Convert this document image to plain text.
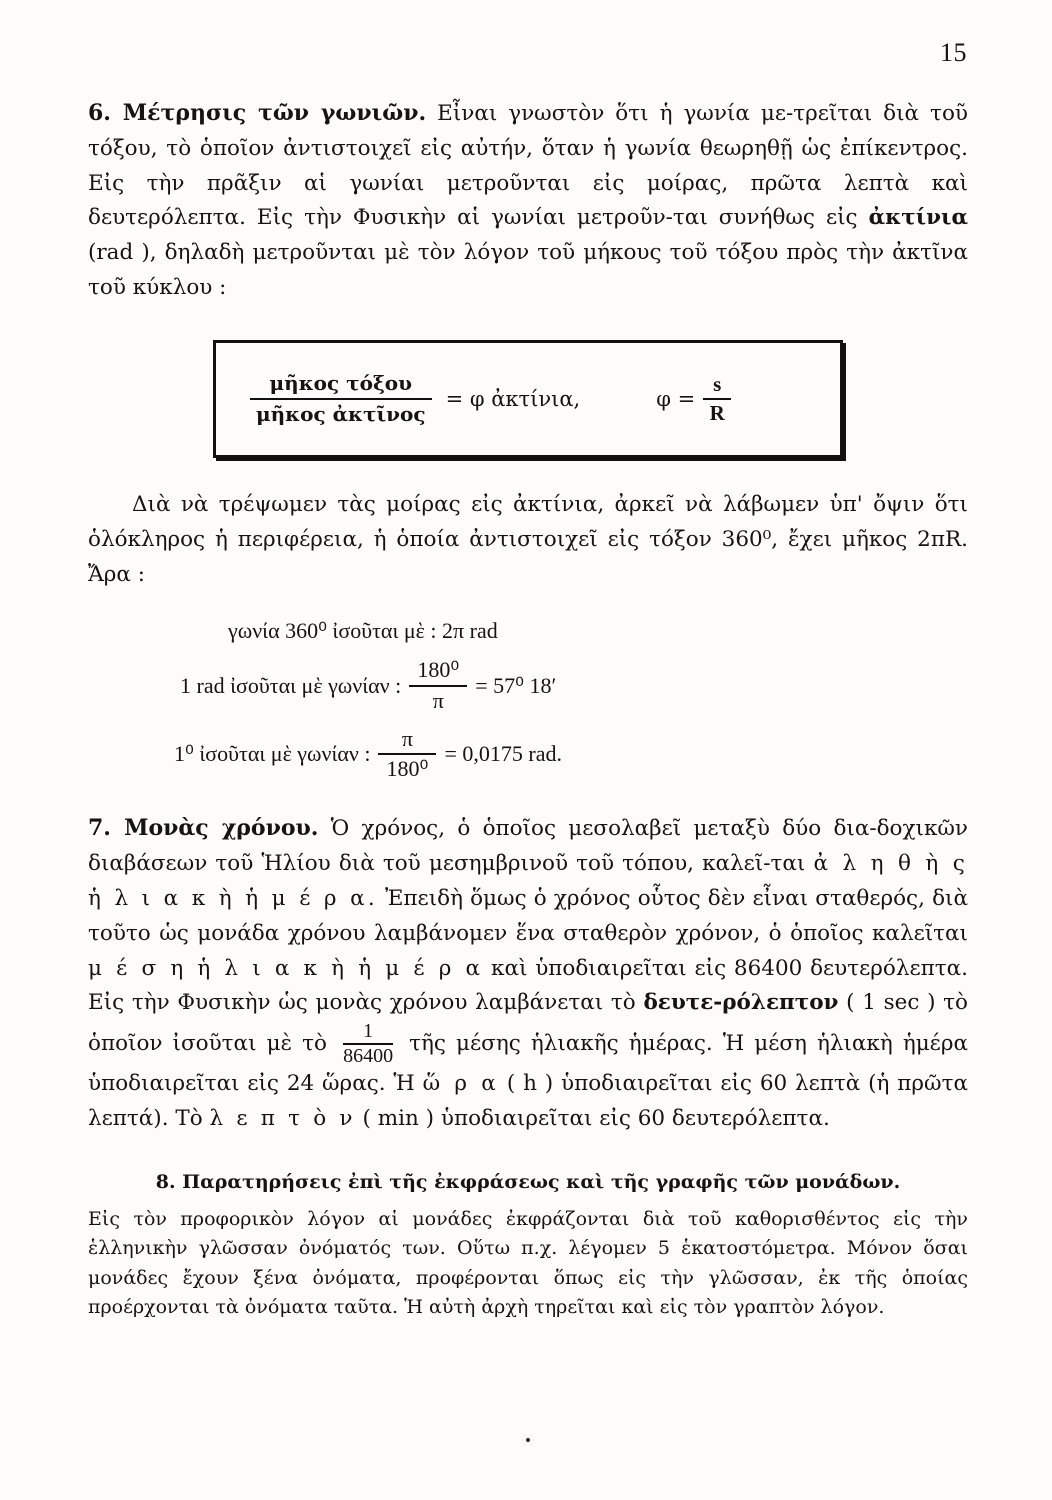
15

6. Μέτρησις τῶν γωνιῶν. Εἶναι γνωστὸν ὅτι ἡ γωνία με-τρεῖται διὰ τοῦ τόξου, τὸ ὁποῖον ἀντιστοιχεῖ εἰς αὐτήν, ὅταν ἡ γωνία θεωρηθῇ ὡς ἐπίκεντρος. Εἰς τὴν πρᾶξιν αἱ γωνίαι μετροῦνται εἰς μοίρας, πρῶτα λεπτὰ καὶ δευτερόλεπτα. Εἰς τὴν Φυσικὴν αἱ γωνίαι μετροῦν-ται συνήθως εἰς ἀκτίνια (rad ), δηλαδὴ μετροῦνται μὲ τὸν λόγον τοῦ μήκους τοῦ τόξου πρὸς τὴν ἀκτῖνα τοῦ κύκλου :

$\frac{\text{μῆκος τόξου}}{\text{μῆκος ἀκτῖνος}} = \varphi$ ἀκτίνια,	$\varphi = \frac{s}{R}$

Διὰ νὰ τρέψωμεν τὰς μοίρας εἰς ἀκτίνια, ἀρκεῖ νὰ λάβωμεν ὑπ' ὄψιν ὅτι ὁλόκληρος ἡ περιφέρεια, ἡ ὁποία ἀντιστοιχεῖ εἰς τόξον 360⁰, ἔχει μῆκος 2πR. Ἄρα :

γωνία 360⁰ ἰσοῦται μὲ : 2π rad
1 rad ἰσοῦται μὲ γωνίαν : $\frac{\text{180⁰}}{\pi} = 57^0$ 18′
1⁰ ἰσοῦται μὲ γωνίαν : $\frac{\pi}{\text{180⁰}} = 0,0175$ rad.

7. Μονὰς χρόνου. Ὁ χρόνος, ὁ ὁποῖος μεσολαβεῖ μεταξὺ δύο δια-δοχικῶν διαβάσεων τοῦ Ἡλίου διὰ τοῦ μεσημβρινοῦ τοῦ τόπου, καλεῖ-ται ἀ λ η θ ὴ ς ἡ λ ι α κ ὴ ἡ μ έ ρ α. Ἐπειδὴ ὅμως ὁ χρόνος οὗτος δὲν εἶναι σταθερός, διὰ τοῦτο ὡς μονάδα χρόνου λαμβάνομεν ἕνα σταθερὸν χρόνον, ὁ ὁποῖος καλεῖται μ έ σ η ἡ λ ι α κ ὴ ἡ μ έ ρ α καὶ ὑποδιαιρεῖται εἰς 86400 δευτερόλεπτα. Εἰς τὴν Φυσικὴν ὡς μονὰς χρόνου λαμβάνεται τὸ δευτε-ρόλεπτον ( 1 sec ) τὸ ὁποῖον ἰσοῦται μὲ τὸ $\frac{1}{86400}$ τῆς μέσης ἡλιακῆς ἡμέρας. Ἡ μέση ἡλιακὴ ἡμέρα ὑποδιαιρεῖται εἰς 24 ὥρας. Ἡ ὥ ρ α ( h ) ὑποδιαιρεῖται εἰς 60 λεπτὰ (ἡ πρῶτα λεπτά). Τὸ λ ε π τ ὸ ν ( min ) ὑποδιαιρεῖται εἰς 60 δευτερόλεπτα.

8. Παρατηρήσεις ἐπὶ τῆς ἐκφράσεως καὶ τῆς γραφῆς τῶν μονάδων.

Εἰς τὸν προφορικὸν λόγον αἱ μονάδες ἐκφράζονται διὰ τοῦ καθορισθέντος εἰς τὴν ἑλληνικὴν γλῶσσαν ὀνόματός των. Οὕτω π.χ. λέγομεν 5 ἑκατοστόμετρα. Μόνον ὅσαι μονάδες ἔχουν ξένα ὀνόματα, προφέρονται ὅπως εἰς τὴν γλῶσσαν, ἐκ τῆς ὁποίας προέρχονται τὰ ὀνόματα ταῦτα. Ἡ αὐτὴ ἀρχὴ τηρεῖται καὶ εἰς τὸν γραπτὸν λόγον.
